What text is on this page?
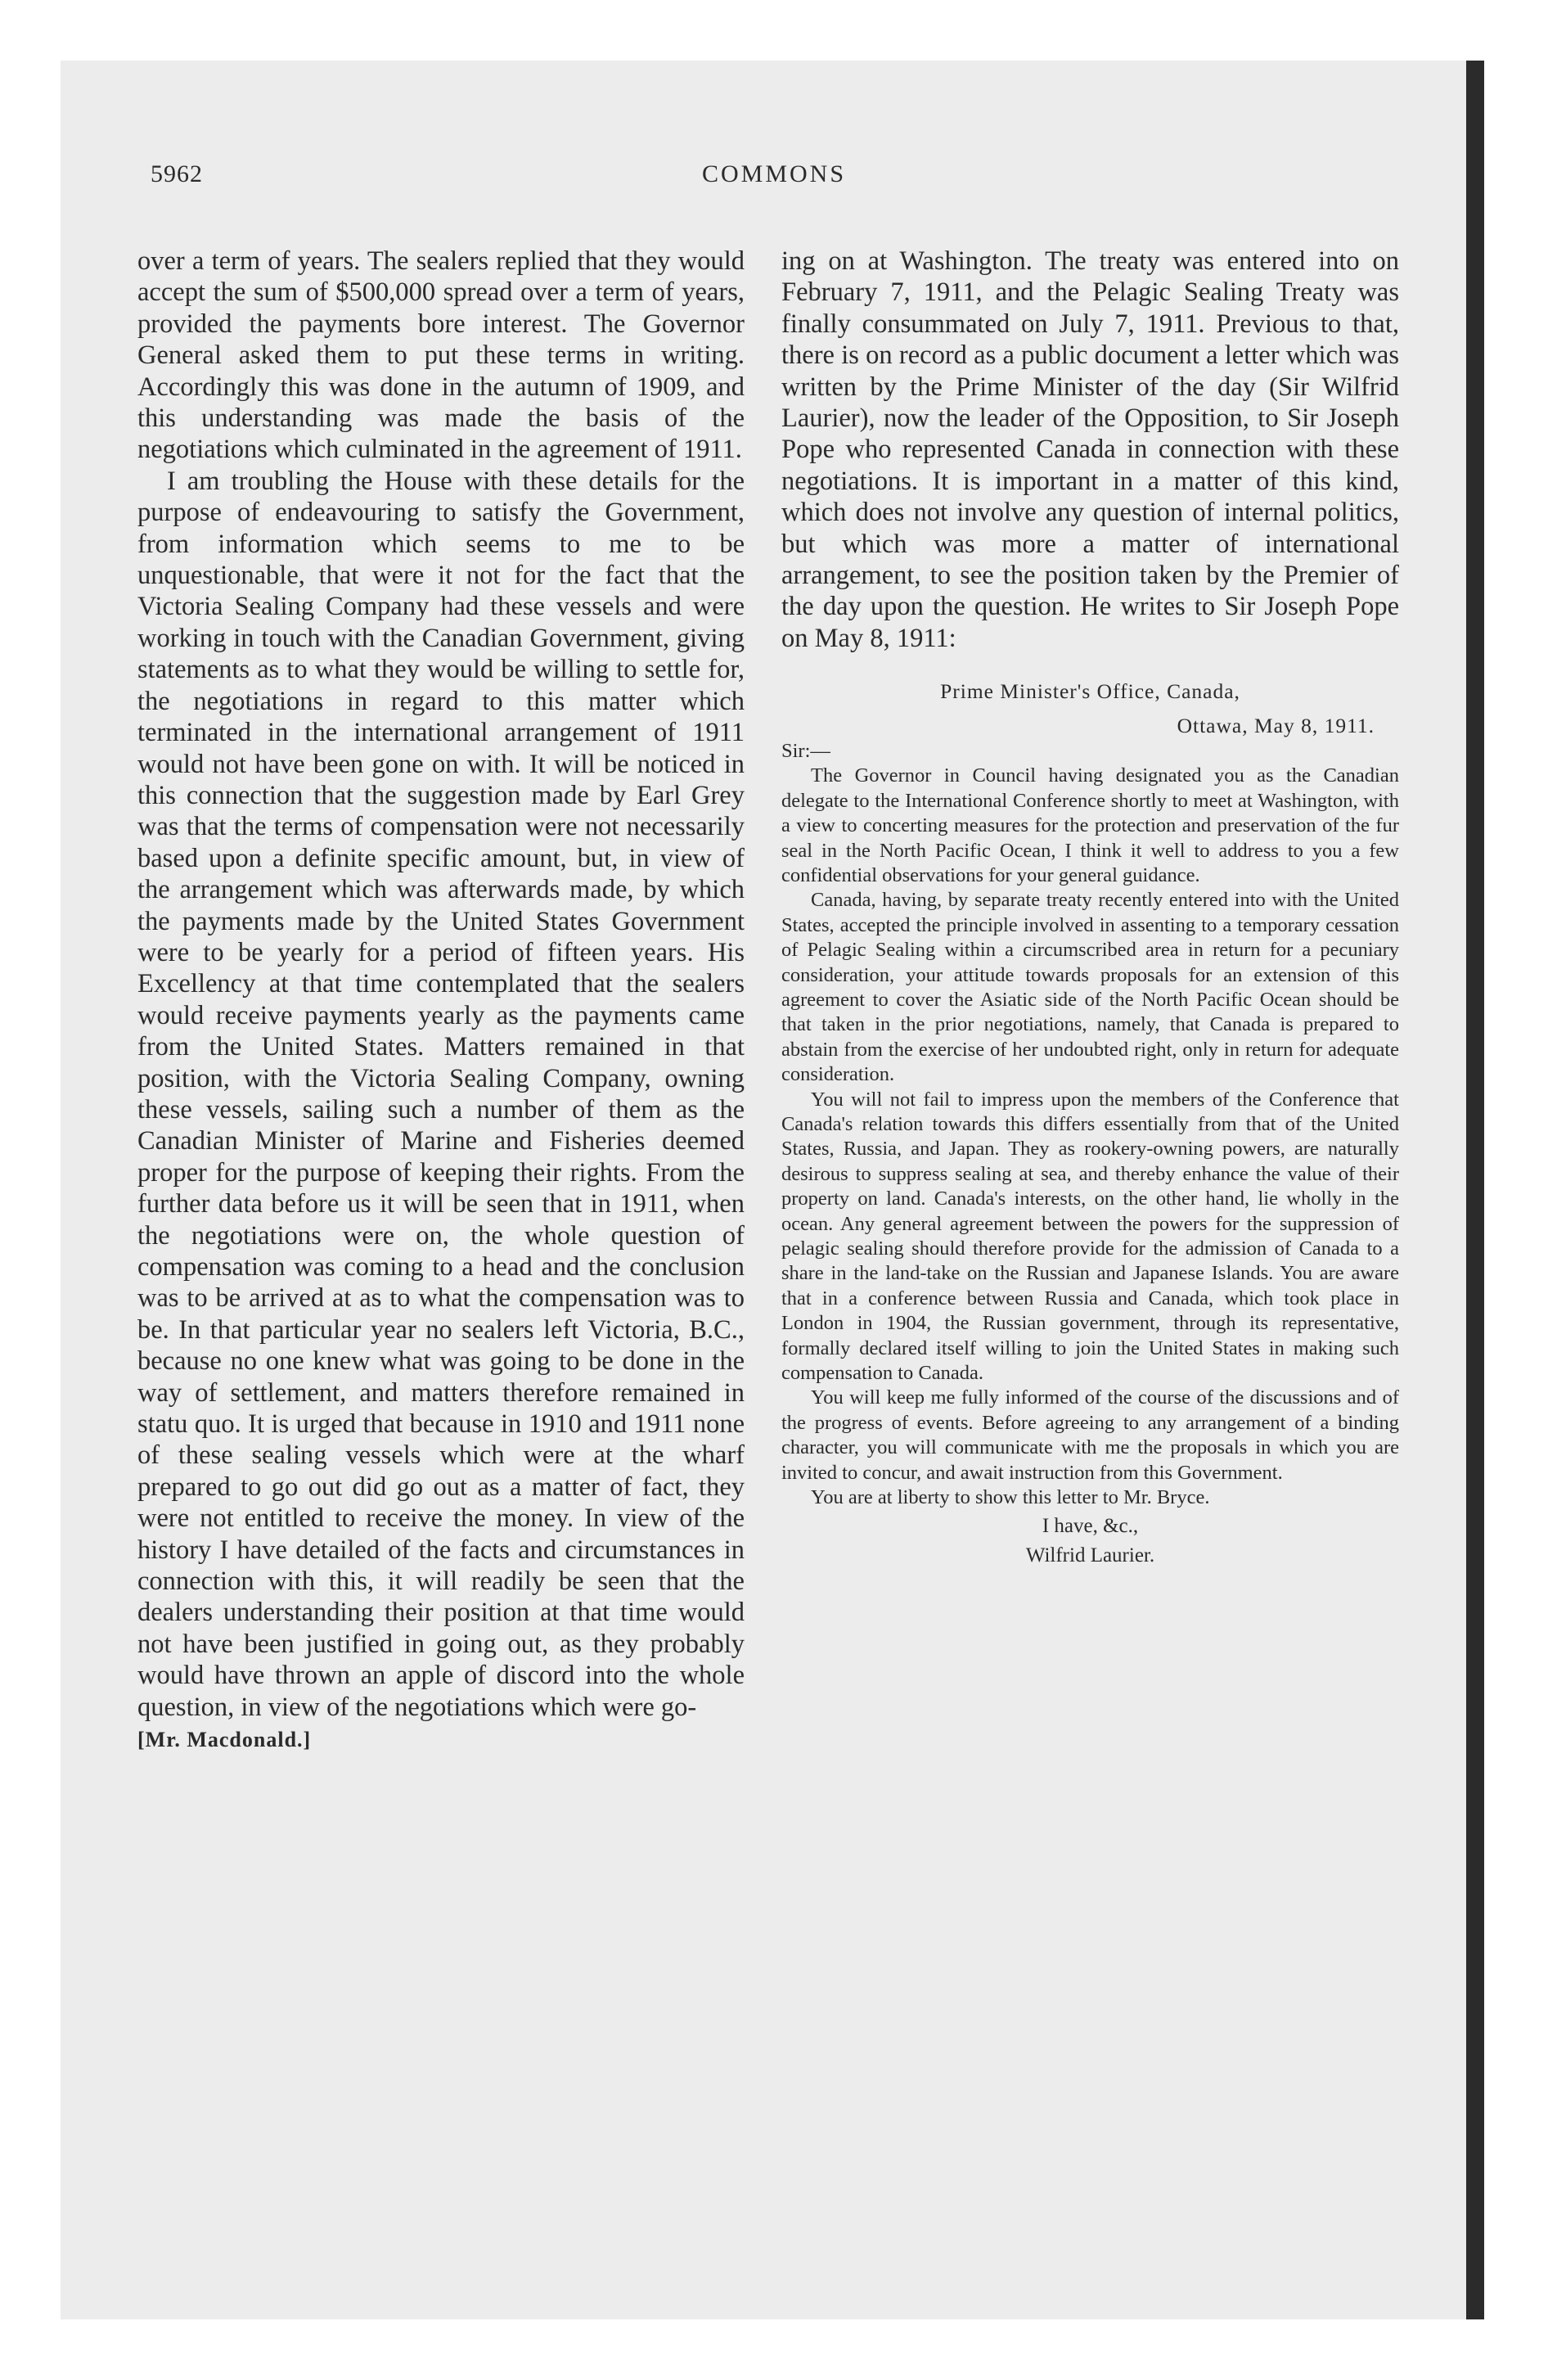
5962	COMMONS

over a term of years. The sealers replied that they would accept the sum of $500,000 spread over a term of years, provided the payments bore interest. The Governor General asked them to put these terms in writing. Accordingly this was done in the autumn of 1909, and this understanding was made the basis of the negotiations which culminated in the agreement of 1911.

I am troubling the House with these details for the purpose of endeavouring to satisfy the Government, from information which seems to me to be unquestionable, that were it not for the fact that the Victoria Sealing Company had these vessels and were working in touch with the Canadian Government, giving statements as to what they would be willing to settle for, the negotiations in regard to this matter which terminated in the international arrangement of 1911 would not have been gone on with. It will be noticed in this connection that the suggestion made by Earl Grey was that the terms of compensation were not necessarily based upon a definite specific amount, but, in view of the arrangement which was afterwards made, by which the payments made by the United States Government were to be yearly for a period of fifteen years. His Excellency at that time contemplated that the sealers would receive payments yearly as the payments came from the United States. Matters remained in that position, with the Victoria Sealing Company, owning these vessels, sailing such a number of them as the Canadian Minister of Marine and Fisheries deemed proper for the purpose of keeping their rights. From the further data before us it will be seen that in 1911, when the negotiations were on, the whole question of compensation was coming to a head and the conclusion was to be arrived at as to what the compensation was to be. In that particular year no sealers left Victoria, B.C., because no one knew what was going to be done in the way of settlement, and matters therefore remained in statu quo. It is urged that because in 1910 and 1911 none of these sealing vessels which were at the wharf prepared to go out did go out as a matter of fact, they were not entitled to receive the money. In view of the history I have detailed of the facts and circumstances in connection with this, it will readily be seen that the dealers understanding their position at that time would not have been justified in going out, as they probably would have thrown an apple of discord into the whole question, in view of the negotiations which were go-

[Mr. Macdonald.]

ing on at Washington. The treaty was entered into on February 7, 1911, and the Pelagic Sealing Treaty was finally consummated on July 7, 1911. Previous to that, there is on record as a public document a letter which was written by the Prime Minister of the day (Sir Wilfrid Laurier), now the leader of the Opposition, to Sir Joseph Pope who represented Canada in connection with these negotiations. It is important in a matter of this kind, which does not involve any question of internal politics, but which was more a matter of international arrangement, to see the position taken by the Premier of the day upon the question. He writes to Sir Joseph Pope on May 8, 1911:

Prime Minister's Office, Canada,

Ottawa, May 8, 1911.

Sir:—

The Governor in Council having designated you as the Canadian delegate to the International Conference shortly to meet at Washington, with a view to concerting measures for the protection and preservation of the fur seal in the North Pacific Ocean, I think it well to address to you a few confidential observations for your general guidance.

Canada, having, by separate treaty recently entered into with the United States, accepted the principle involved in assenting to a temporary cessation of Pelagic Sealing within a circumscribed area in return for a pecuniary consideration, your attitude towards proposals for an extension of this agreement to cover the Asiatic side of the North Pacific Ocean should be that taken in the prior negotiations, namely, that Canada is prepared to abstain from the exercise of her undoubted right, only in return for adequate consideration.

You will not fail to impress upon the members of the Conference that Canada's relation towards this differs essentially from that of the United States, Russia, and Japan. They as rookery-owning powers, are naturally desirous to suppress sealing at sea, and thereby enhance the value of their property on land. Canada's interests, on the other hand, lie wholly in the ocean. Any general agreement between the powers for the suppression of pelagic sealing should therefore provide for the admission of Canada to a share in the land-take on the Russian and Japanese Islands. You are aware that in a conference between Russia and Canada, which took place in London in 1904, the Russian government, through its representative, formally declared itself willing to join the United States in making such compensation to Canada.

You will keep me fully informed of the course of the discussions and of the progress of events. Before agreeing to any arrangement of a binding character, you will communicate with me the proposals in which you are invited to concur, and await instruction from this Government.

You are at liberty to show this letter to Mr. Bryce.

I have, &c.,

Wilfrid Laurier.
